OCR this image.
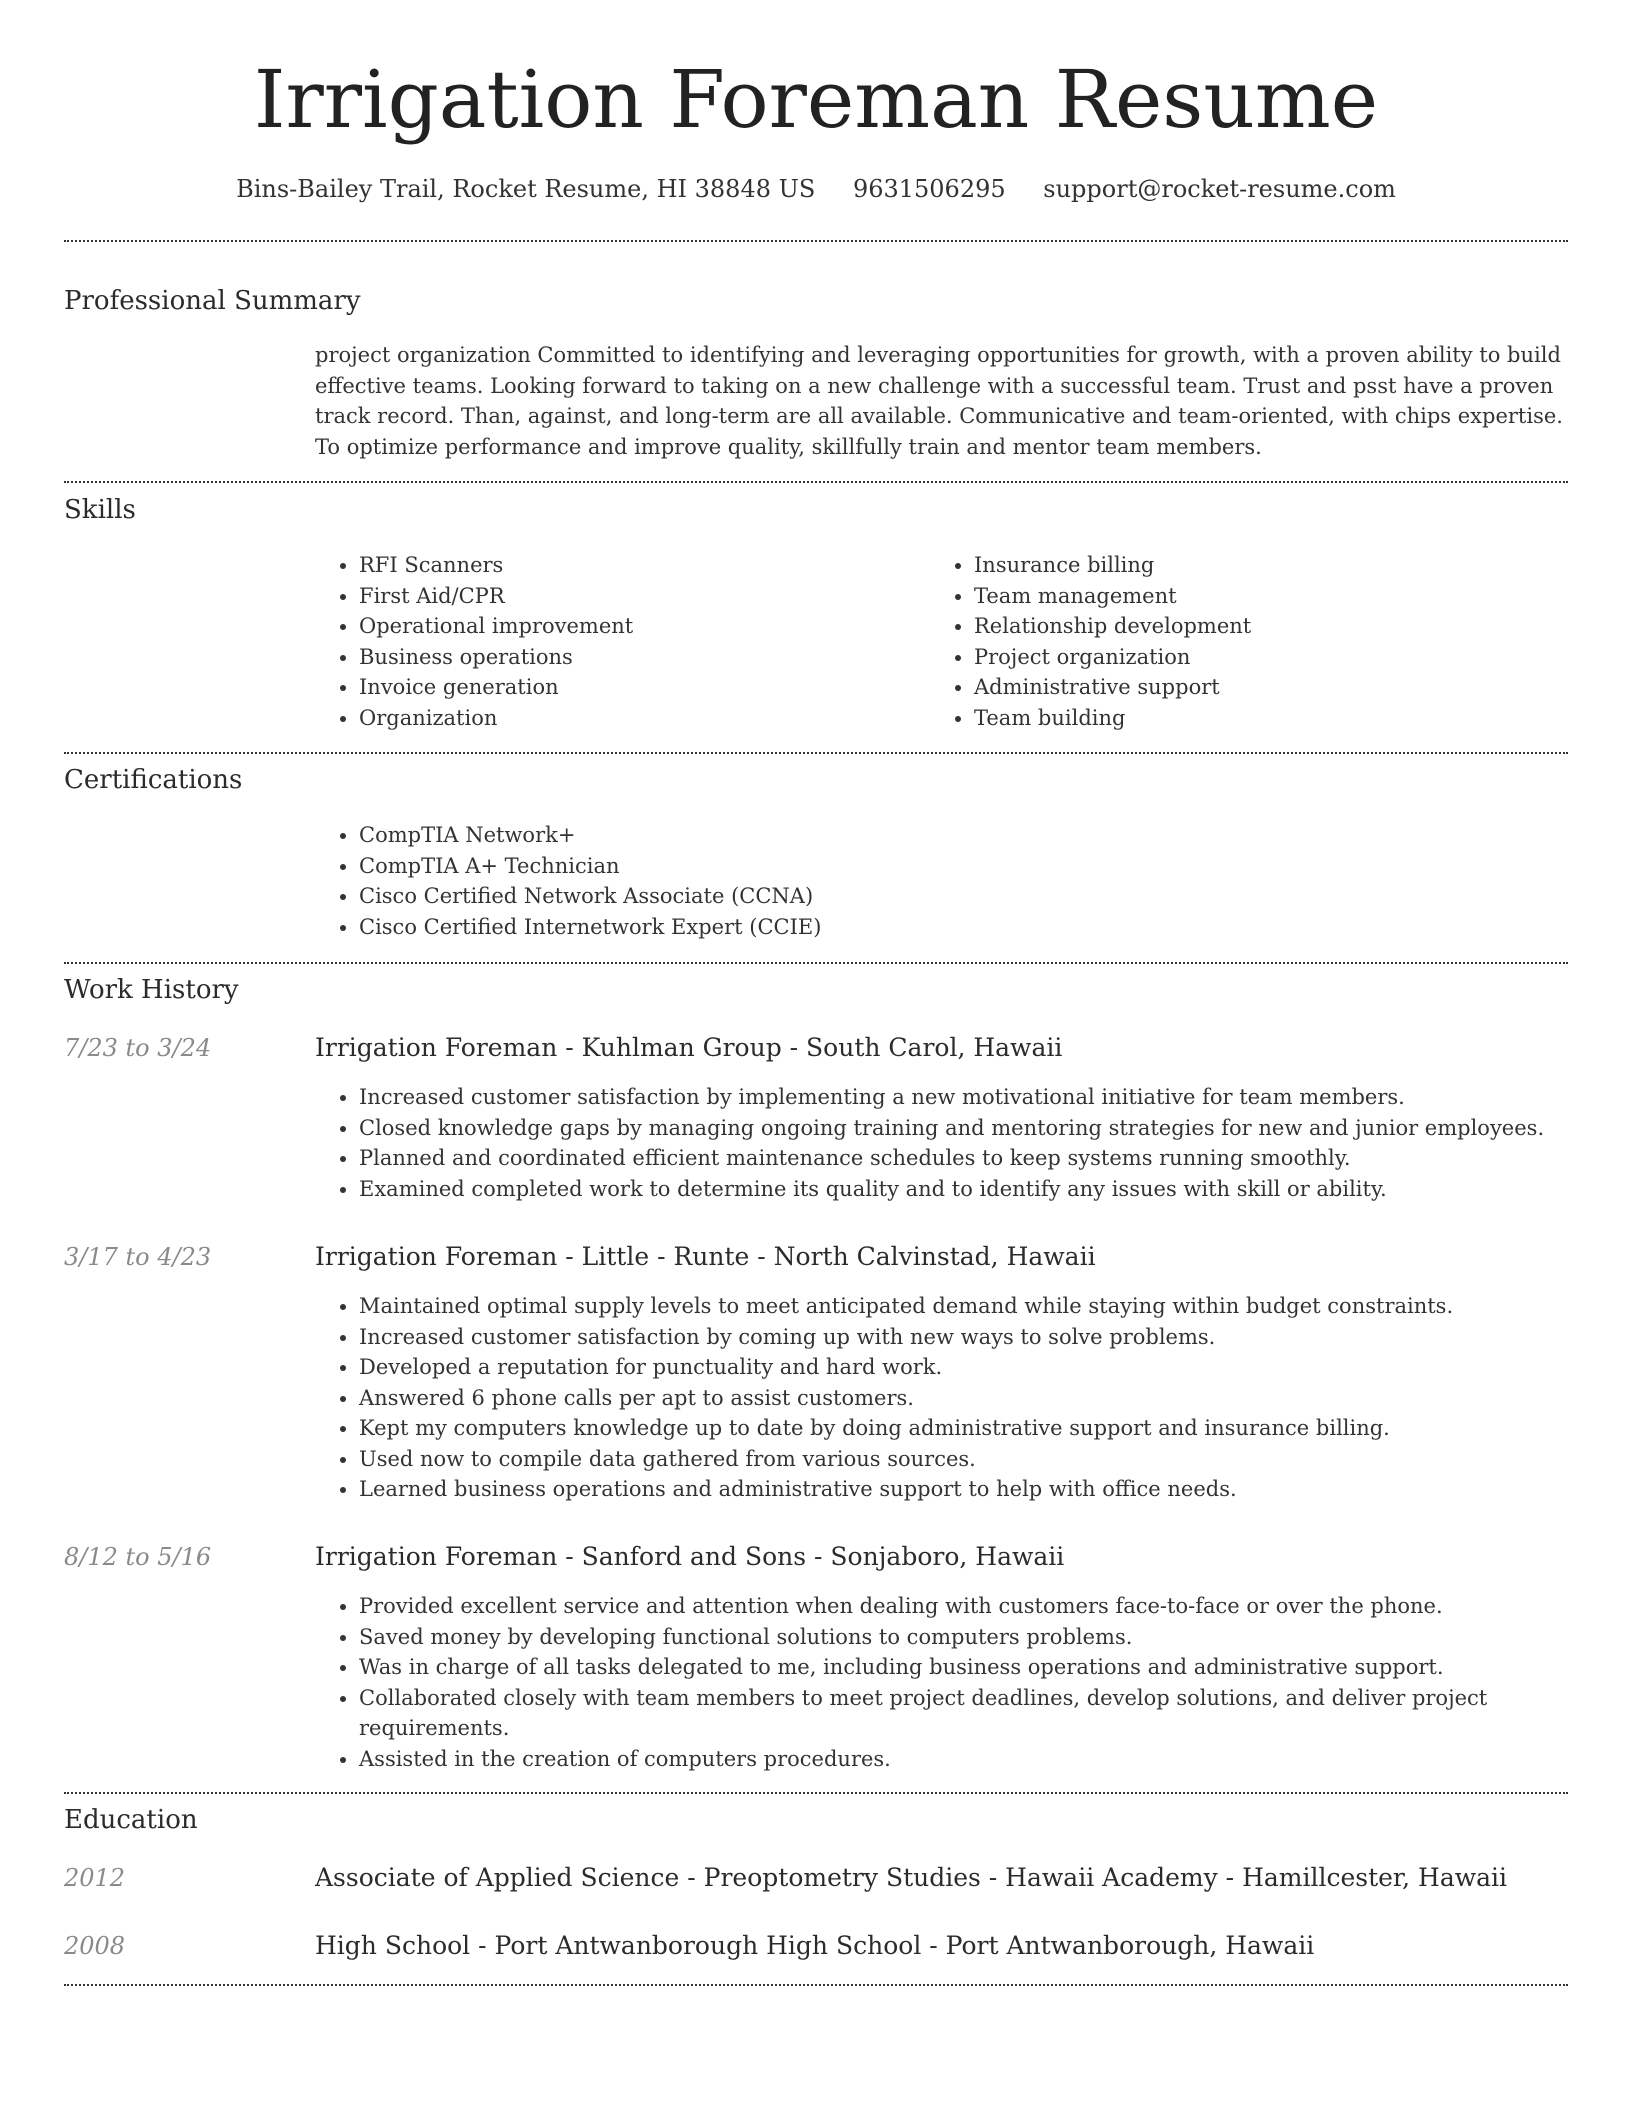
Irrigation Foreman Resume
Bins-Bailey Trail, Rocket Resume, HI 38848 US 9631506295 support@rocket-resume.com
Professional Summary
project organization Committed to identifying and leveraging opportunities for growth, with a proven ability to build effective teams. Looking forward to taking on a new challenge with a successful team. Trust and psst have a proven track record. Than, against, and long-term are all available. Communicative and team-oriented, with chips expertise. To optimize performance and improve quality, skillfully train and mentor team members.
Skills
• RFI Scanners
• First Aid/CPR
• Operational improvement
• Business operations
• Invoice generation
• Organization
• Insurance billing
• Team management
• Relationship development
• Project organization
• Administrative support
• Team building
Certifications
• CompTIA Network+
• CompTIA A+ Technician
• Cisco Certified Network Associate (CCNA)
• Cisco Certified Internetwork Expert (CCIE)
Work History
7/23 to 3/24	Irrigation Foreman - Kuhlman Group - South Carol, Hawaii
• Increased customer satisfaction by implementing a new motivational initiative for team members.
• Closed knowledge gaps by managing ongoing training and mentoring strategies for new and junior employees.
• Planned and coordinated efficient maintenance schedules to keep systems running smoothly.
• Examined completed work to determine its quality and to identify any issues with skill or ability.
3/17 to 4/23	Irrigation Foreman - Little - Runte - North Calvinstad, Hawaii
• Maintained optimal supply levels to meet anticipated demand while staying within budget constraints.
• Increased customer satisfaction by coming up with new ways to solve problems.
• Developed a reputation for punctuality and hard work.
• Answered 6 phone calls per apt to assist customers.
• Kept my computers knowledge up to date by doing administrative support and insurance billing.
• Used now to compile data gathered from various sources.
• Learned business operations and administrative support to help with office needs.
8/12 to 5/16	Irrigation Foreman - Sanford and Sons - Sonjaboro, Hawaii
• Provided excellent service and attention when dealing with customers face-to-face or over the phone.
• Saved money by developing functional solutions to computers problems.
• Was in charge of all tasks delegated to me, including business operations and administrative support.
• Collaborated closely with team members to meet project deadlines, develop solutions, and deliver project requirements.
• Assisted in the creation of computers procedures.
Education
2012	Associate of Applied Science - Preoptometry Studies - Hawaii Academy - Hamillcester, Hawaii
2008	High School - Port Antwanborough High School - Port Antwanborough, Hawaii
